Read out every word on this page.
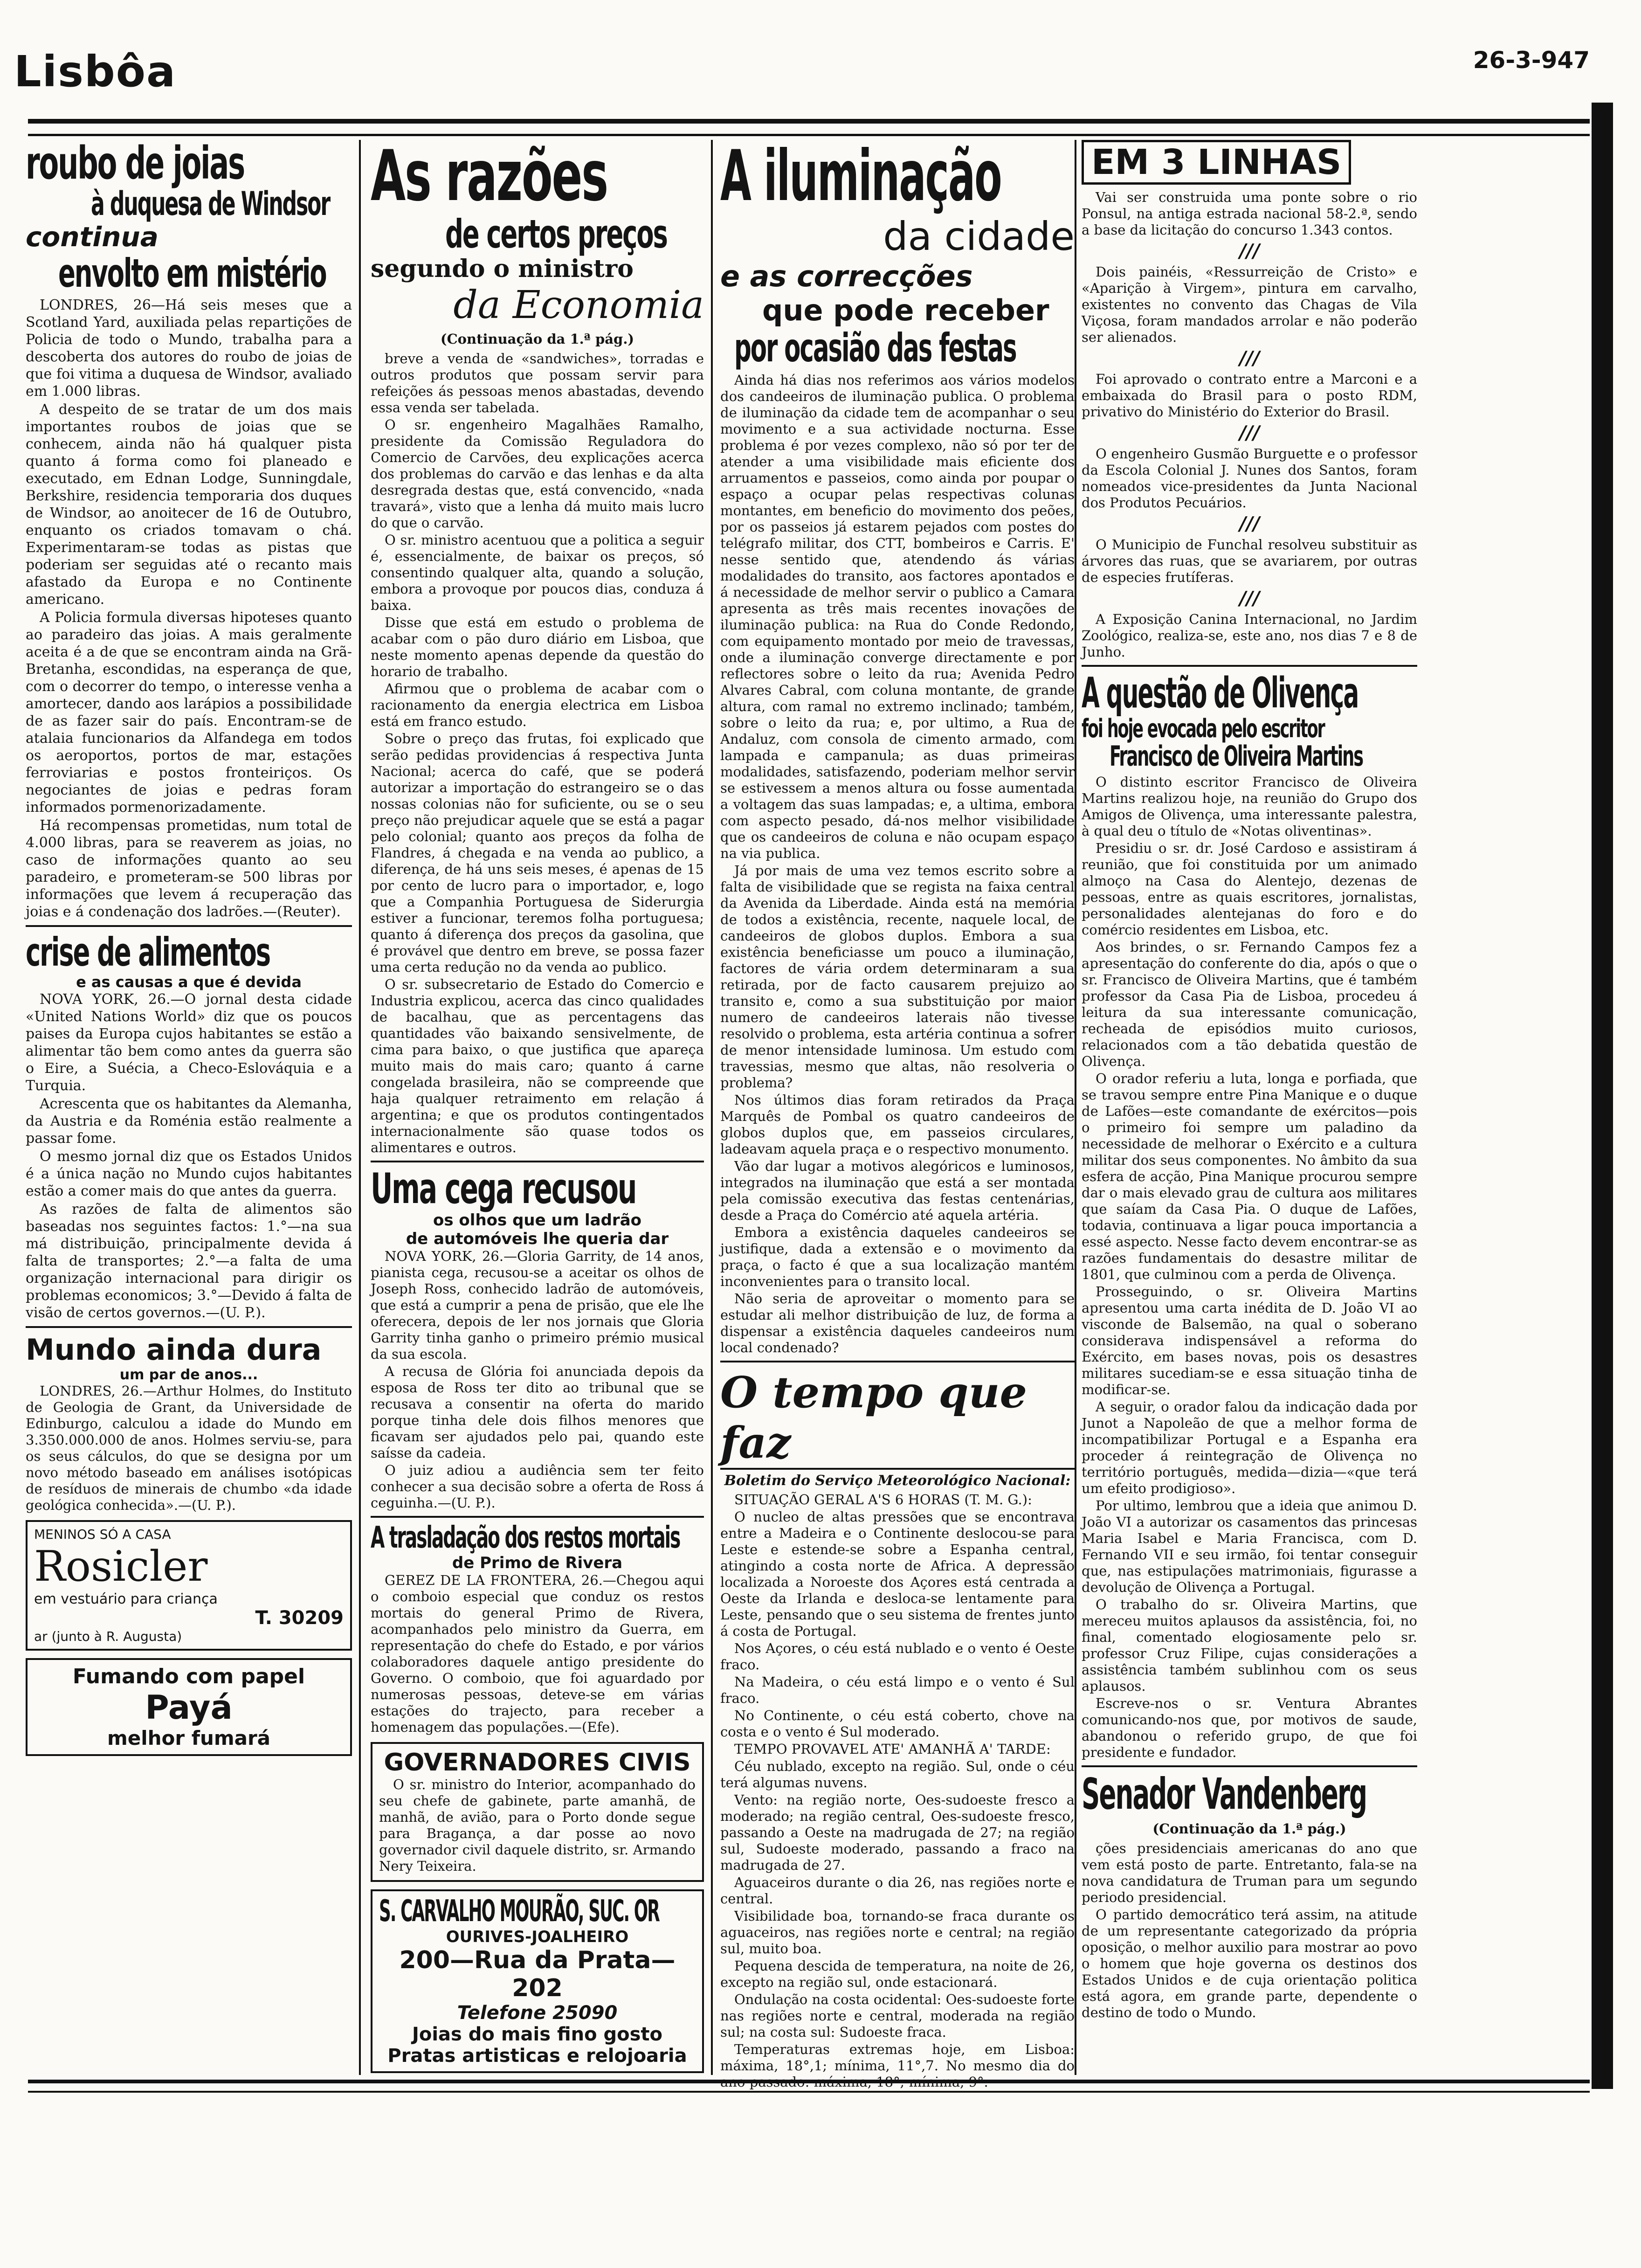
Lisbôa	26-3-947
roubo de joias
à duquesa de Windsor
continua
envolto em mistério

LONDRES, 26—Há seis meses que a Scotland Yard, auxiliada pelas repartições de Policia de todo o Mundo, trabalha para a descoberta dos autores do roubo de joias de que foi vitima a duquesa de Windsor, avaliado em 1.000 libras.

A despeito de se tratar de um dos mais importantes roubos de joias que se conhecem, ainda não há qualquer pista quanto á forma como foi planeado e executado, em Ednan Lodge, Sunningdale, Berkshire, residencia temporaria dos duques de Windsor, ao anoitecer de 16 de Outubro, enquanto os criados tomavam o chá. Experimentaram-se todas as pistas que poderiam ser seguidas até o recanto mais afastado da Europa e no Continente americano.

A Policia formula diversas hipoteses quanto ao paradeiro das joias. A mais geralmente aceita é a de que se encontram ainda na Grã-Bretanha, escondidas, na esperança de que, com o decorrer do tempo, o interesse venha a amortecer, dando aos larápios a possibilidade de as fazer sair do país. Encontram-se de atalaia funcionarios da Alfandega em todos os aeroportos, portos de mar, estações ferroviarias e postos fronteiriços. Os negociantes de joias e pedras foram informados pormenorizadamente.

Há recompensas prometidas, num total de 4.000 libras, para se reaverem as joias, no caso de informações quanto ao seu paradeiro, e prometeram-se 500 libras por informações que levem á recuperação das joias e á condenação dos ladrões.—(Reuter).

crise de alimentos
e as causas a que é devida

NOVA YORK, 26.—O jornal desta cidade «United Nations World» diz que os poucos paises da Europa cujos habitantes se estão a alimentar tão bem como antes da guerra são o Eire, a Suécia, a Checo-Eslováquia e a Turquia.

Acrescenta que os habitantes da Alemanha, da Austria e da Roménia estão realmente a passar fome.

O mesmo jornal diz que os Estados Unidos é a única nação no Mundo cujos habitantes estão a comer mais do que antes da guerra.

As razões de falta de alimentos são baseadas nos seguintes factos: 1.°—na sua má distribuição, principalmente devida á falta de transportes; 2.°—a falta de uma organização internacional para dirigir os problemas economicos; 3.°—Devido á falta de visão de certos governos.—(U. P.).

Mundo ainda dura
um par de anos...

LONDRES, 26.—Arthur Holmes, do Instituto de Geologia de Grant, da Universidade de Edinburgo, calculou a idade do Mundo em 3.350.000.000 de anos. Holmes serviu-se, para os seus cálculos, do que se designa por um novo método baseado em análises isotópicas de resíduos de minerais de chumbo «da idade geológica conhecida».—(U. P.).

MENINOS SÓ A CASA
Rosicler
em vestuário para criança
T. 30209
ar (junto à R. Augusta)
Fumando com papel
Payá
melhor fumará
As razões
de certos preços
segundo o ministro
da Economia
(Continuação da 1.ª pág.)

breve a venda de «sandwiches», torradas e outros produtos que possam servir para refeições ás pessoas menos abastadas, devendo essa venda ser tabelada.

O sr. engenheiro Magalhães Ramalho, presidente da Comissão Reguladora do Comercio de Carvões, deu explicações acerca dos problemas do carvão e das lenhas e da alta desregrada destas que, está convencido, «nada travará», visto que a lenha dá muito mais lucro do que o carvão.

O sr. ministro acentuou que a politica a seguir é, essencialmente, de baixar os preços, só consentindo qualquer alta, quando a solução, embora a provoque por poucos dias, conduza á baixa.

Disse que está em estudo o problema de acabar com o pão duro diário em Lisboa, que neste momento apenas depende da questão do horario de trabalho.

Afirmou que o problema de acabar com o racionamento da energia electrica em Lisboa está em franco estudo.

Sobre o preço das frutas, foi explicado que serão pedidas providencias á respectiva Junta Nacional; acerca do café, que se poderá autorizar a importação do estrangeiro se o das nossas colonias não for suficiente, ou se o seu preço não prejudicar aquele que se está a pagar pelo colonial; quanto aos preços da folha de Flandres, á chegada e na venda ao publico, a diferença, de há uns seis meses, é apenas de 15 por cento de lucro para o importador, e, logo que a Companhia Portuguesa de Siderurgia estiver a funcionar, teremos folha portuguesa; quanto á diferença dos preços da gasolina, que é provável que dentro em breve, se possa fazer uma certa redução no da venda ao publico.

O sr. subsecretario de Estado do Comercio e Industria explicou, acerca das cinco qualidades de bacalhau, que as percentagens das quantidades vão baixando sensivelmente, de cima para baixo, o que justifica que apareça muito mais do mais caro; quanto á carne congelada brasileira, não se compreende que haja qualquer retraimento em relação á argentina; e que os produtos contingentados internacionalmente são quase todos os alimentares e outros.

Uma cega recusou
os olhos que um ladrão
de automóveis lhe queria dar

NOVA YORK, 26.—Gloria Garrity, de 14 anos, pianista cega, recusou-se a aceitar os olhos de Joseph Ross, conhecido ladrão de automóveis, que está a cumprir a pena de prisão, que ele lhe oferecera, depois de ler nos jornais que Gloria Garrity tinha ganho o primeiro prémio musical da sua escola.

A recusa de Glória foi anunciada depois da esposa de Ross ter dito ao tribunal que se recusava a consentir na oferta do marido porque tinha dele dois filhos menores que ficavam ser ajudados pelo pai, quando este saísse da cadeia.

O juiz adiou a audiência sem ter feito conhecer a sua decisão sobre a oferta de Ross á ceguinha.—(U. P.).

A trasladação dos restos mortais
de Primo de Rivera

GEREZ DE LA FRONTERA, 26.—Chegou aqui o comboio especial que conduz os restos mortais do general Primo de Rivera, acompanhados pelo ministro da Guerra, em representação do chefe do Estado, e por vários colaboradores daquele antigo presidente do Governo. O comboio, que foi aguardado por numerosas pessoas, deteve-se em várias estações do trajecto, para receber a homenagem das populações.—(Efe).

GOVERNADORES CIVIS

O sr. ministro do Interior, acompanhado do seu chefe de gabinete, parte amanhã, de manhã, de avião, para o Porto donde segue para Bragança, a dar posse ao novo governador civil daquele distrito, sr. Armando Nery Teixeira.

S. CARVALHO MOURÃO, SUC. OR
OURIVES-JOALHEIRO
200—Rua da Prata—202
Telefone 25090
Joias do mais fino gosto
Pratas artisticas e relojoaria
A iluminação
da cidade
e as correcções
que pode receber
por ocasião das festas

Ainda há dias nos referimos aos vários modelos dos candeeiros de iluminação publica. O problema de iluminação da cidade tem de acompanhar o seu movimento e a sua actividade nocturna. Esse problema é por vezes complexo, não só por ter de atender a uma visibilidade mais eficiente dos arruamentos e passeios, como ainda por poupar o espaço a ocupar pelas respectivas colunas montantes, em beneficio do movimento dos peões, por os passeios já estarem pejados com postes do telégrafo militar, dos CTT, bombeiros e Carris. E' nesse sentido que, atendendo ás várias modalidades do transito, aos factores apontados e á necessidade de melhor servir o publico a Camara apresenta as três mais recentes inovações de iluminação publica: na Rua do Conde Redondo, com equipamento montado por meio de travessas, onde a iluminação converge directamente e por reflectores sobre o leito da rua; Avenida Pedro Alvares Cabral, com coluna montante, de grande altura, com ramal no extremo inclinado; também, sobre o leito da rua; e, por ultimo, a Rua de Andaluz, com consola de cimento armado, com lampada e campanula; as duas primeiras modalidades, satisfazendo, poderiam melhor servir se estivessem a menos altura ou fosse aumentada a voltagem das suas lampadas; e, a ultima, embora com aspecto pesado, dá-nos melhor visibilidade que os candeeiros de coluna e não ocupam espaço na via publica.

Já por mais de uma vez temos escrito sobre a falta de visibilidade que se regista na faixa central da Avenida da Liberdade. Ainda está na memória de todos a existência, recente, naquele local, de candeeiros de globos duplos. Embora a sua existência beneficiasse um pouco a iluminação, factores de vária ordem determinaram a sua retirada, por de facto causarem prejuizo ao transito e, como a sua substituição por maior numero de candeeiros laterais não tivesse resolvido o problema, esta artéria continua a sofrer de menor intensidade luminosa. Um estudo com travessias, mesmo que altas, não resolveria o problema?

Nos últimos dias foram retirados da Praça Marquês de Pombal os quatro candeeiros de globos duplos que, em passeios circulares, ladeavam aquela praça e o respectivo monumento.

Vão dar lugar a motivos alegóricos e luminosos, integrados na iluminação que está a ser montada pela comissão executiva das festas centenárias, desde a Praça do Comércio até aquela artéria.

Embora a existência daqueles candeeiros se justifique, dada a extensão e o movimento da praça, o facto é que a sua localização mantém inconvenientes para o transito local.

Não seria de aproveitar o momento para se estudar ali melhor distribuição de luz, de forma a dispensar a existência daqueles candeeiros num local condenado?

O tempo que faz
Boletim do Serviço Meteorológico Nacional:

SITUAÇÃO GERAL A'S 6 HORAS (T. M. G.):

O nucleo de altas pressões que se encontrava entre a Madeira e o Continente deslocou-se para Leste e estende-se sobre a Espanha central, atingindo a costa norte de Africa. A depressão localizada a Noroeste dos Açores está centrada a Oeste da Irlanda e desloca-se lentamente para Leste, pensando que o seu sistema de frentes junto á costa de Portugal.

Nos Açores, o céu está nublado e o vento é Oeste fraco.

Na Madeira, o céu está limpo e o vento é Sul fraco.

No Continente, o céu está coberto, chove na costa e o vento é Sul moderado.

TEMPO PROVAVEL ATE' AMANHÃ A' TARDE:

Céu nublado, excepto na região. Sul, onde o céu terá algumas nuvens.

Vento: na região norte, Oes-sudoeste fresco a moderado; na região central, Oes-sudoeste fresco, passando a Oeste na madrugada de 27; na região sul, Sudoeste moderado, passando a fraco na madrugada de 27.

Aguaceiros durante o dia 26, nas regiões norte e central.

Visibilidade boa, tornando-se fraca durante os aguaceiros, nas regiões norte e central; na região sul, muito boa.

Pequena descida de temperatura, na noite de 26, excepto na região sul, onde estacionará.

Ondulação na costa ocidental: Oes-sudoeste forte nas regiões norte e central, moderada na região sul; na costa sul: Sudoeste fraca.

Temperaturas extremas hoje, em Lisboa: máxima, 18°,1; mínima, 11°,7. No mesmo dia do ano passado: máxima, 18°; mínima, 9°.

EM 3 LINHAS

Vai ser construida uma ponte sobre o rio Ponsul, na antiga estrada nacional 58-2.ª, sendo a base da licitação do concurso 1.343 contos.

///

Dois painéis, «Ressurreição de Cristo» e «Aparição à Virgem», pintura em carvalho, existentes no convento das Chagas de Vila Viçosa, foram mandados arrolar e não poderão ser alienados.

///

Foi aprovado o contrato entre a Marconi e a embaixada do Brasil para o posto RDM, privativo do Ministério do Exterior do Brasil.

///

O engenheiro Gusmão Burguette e o professor da Escola Colonial J. Nunes dos Santos, foram nomeados vice-presidentes da Junta Nacional dos Produtos Pecuários.

///

O Municipio de Funchal resolveu substituir as árvores das ruas, que se avariarem, por outras de especies frutíferas.

///

A Exposição Canina Internacional, no Jardim Zoológico, realiza-se, este ano, nos dias 7 e 8 de Junho.

A questão de Olivença
foi hoje evocada pelo escritor
Francisco de Oliveira Martins

O distinto escritor Francisco de Oliveira Martins realizou hoje, na reunião do Grupo dos Amigos de Olivença, uma interessante palestra, à qual deu o título de «Notas oliventinas».

Presidiu o sr. dr. José Cardoso e assistiram á reunião, que foi constituida por um animado almoço na Casa do Alentejo, dezenas de pessoas, entre as quais escritores, jornalistas, personalidades alentejanas do foro e do comércio residentes em Lisboa, etc.

Aos brindes, o sr. Fernando Campos fez a apresentação do conferente do dia, após o que o sr. Francisco de Oliveira Martins, que é também professor da Casa Pia de Lisboa, procedeu á leitura da sua interessante comunicação, recheada de episódios muito curiosos, relacionados com a tão debatida questão de Olivença.

O orador referiu a luta, longa e porfiada, que se travou sempre entre Pina Manique e o duque de Lafões—este comandante de exércitos—pois o primeiro foi sempre um paladino da necessidade de melhorar o Exército e a cultura militar dos seus componentes. No âmbito da sua esfera de acção, Pina Manique procurou sempre dar o mais elevado grau de cultura aos militares que saíam da Casa Pia. O duque de Lafões, todavia, continuava a ligar pouca importancia a essé aspecto. Nesse facto devem encontrar-se as razões fundamentais do desastre militar de 1801, que culminou com a perda de Olivença.

Prosseguindo, o sr. Oliveira Martins apresentou uma carta inédita de D. João VI ao visconde de Balsemão, na qual o soberano considerava indispensável a reforma do Exército, em bases novas, pois os desastres militares sucediam-se e essa situação tinha de modificar-se.

A seguir, o orador falou da indicação dada por Junot a Napoleão de que a melhor forma de incompatibilizar Portugal e a Espanha era proceder á reintegração de Olivença no território português, medida—dizia—«que terá um efeito prodigioso».

Por ultimo, lembrou que a ideia que animou D. João VI a autorizar os casamentos das princesas Maria Isabel e Maria Francisca, com D. Fernando VII e seu irmão, foi tentar conseguir que, nas estipulações matrimoniais, figurasse a devolução de Olivença a Portugal.

O trabalho do sr. Oliveira Martins, que mereceu muitos aplausos da assistência, foi, no final, comentado elogiosamente pelo sr. professor Cruz Filipe, cujas considerações a assistência também sublinhou com os seus aplausos.

Escreve-nos o sr. Ventura Abrantes comunicando-nos que, por motivos de saude, abandonou o referido grupo, de que foi presidente e fundador.

Senador Vandenberg
(Continuação da 1.ª pág.)

ções presidenciais americanas do ano que vem está posto de parte. Entretanto, fala-se na nova candidatura de Truman para um segundo periodo presidencial.

O partido democrático terá assim, na atitude de um representante categorizado da própria oposição, o melhor auxilio para mostrar ao povo o homem que hoje governa os destinos dos Estados Unidos e de cuja orientação politica está agora, em grande parte, dependente o destino de todo o Mundo.
